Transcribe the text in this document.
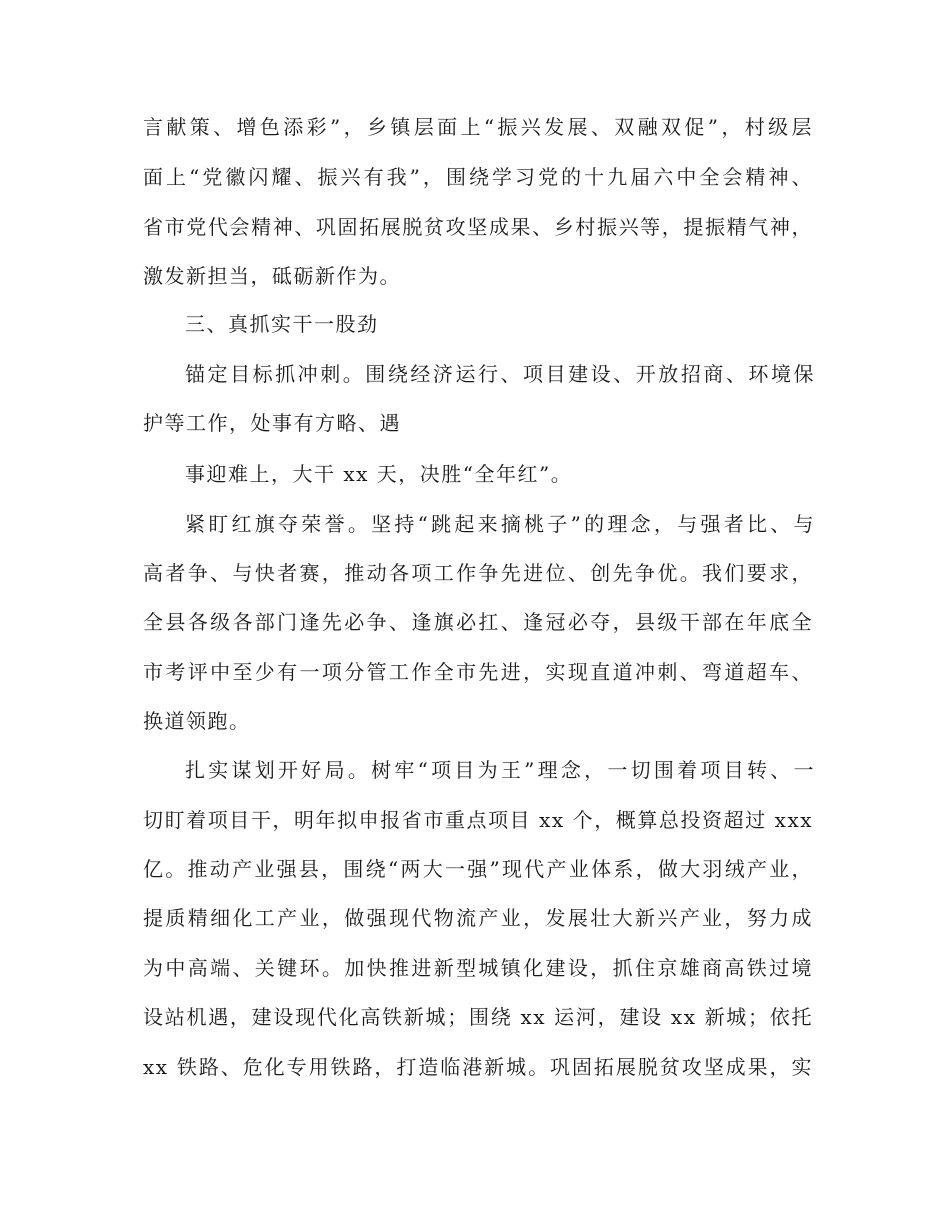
言献策、增色添彩”，乡镇层面上“振兴发展、双融双促”，村级层
面上“党徽闪耀、振兴有我”，围绕学习党的十九届六中全会精神、
省市党代会精神、巩固拓展脱贫攻坚成果、乡村振兴等，提振精气神，
激发新担当，砥砺新作为。
三、真抓实干一股劲
锚定目标抓冲刺。围绕经济运行、项目建设、开放招商、环境保
护等工作，处事有方略、遇
事迎难上，大干 xx 天，决胜“全年红”。
紧盯红旗夺荣誉。坚持“跳起来摘桃子”的理念，与强者比、与
高者争、与快者赛，推动各项工作争先进位、创先争优。我们要求，
全县各级各部门逢先必争、逢旗必扛、逢冠必夺，县级干部在年底全
市考评中至少有一项分管工作全市先进，实现直道冲刺、弯道超车、
换道领跑。
扎实谋划开好局。树牢“项目为王”理念，一切围着项目转、一
切盯着项目干，明年拟申报省市重点项目 xx 个，概算总投资超过 xxx
亿。推动产业强县，围绕“两大一强”现代产业体系，做大羽绒产业，
提质精细化工产业，做强现代物流产业，发展壮大新兴产业，努力成
为中高端、关键环。加快推进新型城镇化建设，抓住京雄商高铁过境
设站机遇，建设现代化高铁新城；围绕 xx 运河，建设 xx 新城；依托
xx 铁路、危化专用铁路，打造临港新城。巩固拓展脱贫攻坚成果，实
